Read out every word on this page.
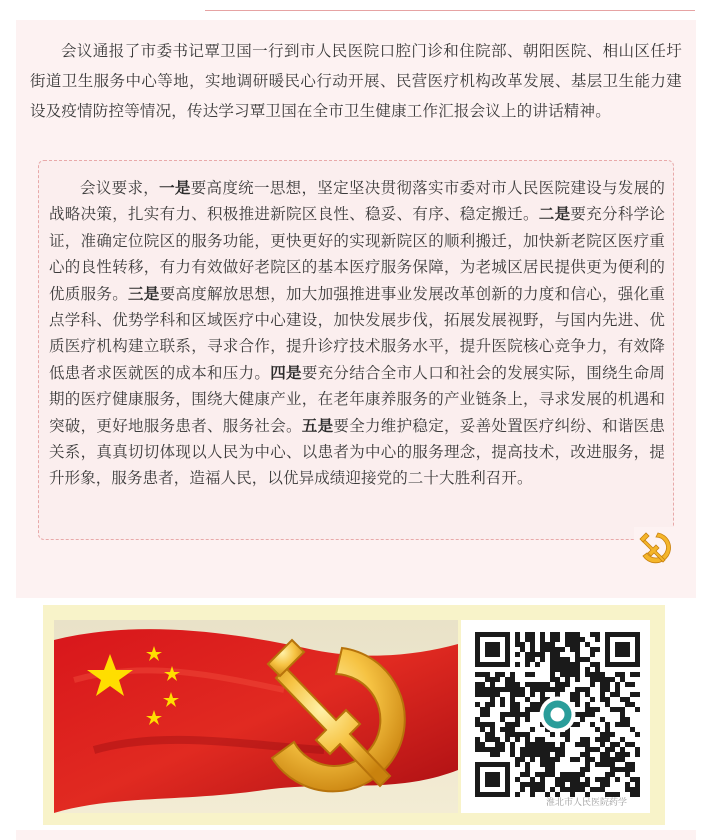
会议通报了市委书记覃卫国一行到市人民医院口腔门诊和住院部、朝阳医院、相山区任圩街道卫生服务中心等地，实地调研暖民心行动开展、民营医疗机构改革发展、基层卫生能力建设及疫情防控等情况，传达学习覃卫国在全市卫生健康工作汇报会议上的讲话精神。

会议要求，一是要高度统一思想，坚定坚决贯彻落实市委对市人民医院建设与发展的战略决策，扎实有力、积极推进新院区良性、稳妥、有序、稳定搬迁。二是要充分科学论证，准确定位院区的服务功能，更快更好的实现新院区的顺利搬迁，加快新老院区医疗重心的良性转移，有力有效做好老院区的基本医疗服务保障，为老城区居民提供更为便利的优质服务。三是要高度解放思想，加大加强推进事业发展改革创新的力度和信心，强化重点学科、优势学科和区域医疗中心建设，加快发展步伐，拓展发展视野，与国内先进、优质医疗机构建立联系，寻求合作，提升诊疗技术服务水平，提升医院核心竞争力，有效降低患者求医就医的成本和压力。四是要充分结合全市人口和社会的发展实际，围绕生命周期的医疗健康服务，围绕大健康产业，在老年康养服务的产业链条上，寻求发展的机遇和突破，更好地服务患者、服务社会。五是要全力维护稳定，妥善处置医疗纠纷、和谐医患关系，真真切切体现以人民为中心、以患者为中心的服务理念，提高技术，改进服务，提升形象，服务患者，造福人民，以优异成绩迎接党的二十大胜利召开。

淮北市人民医院药学
